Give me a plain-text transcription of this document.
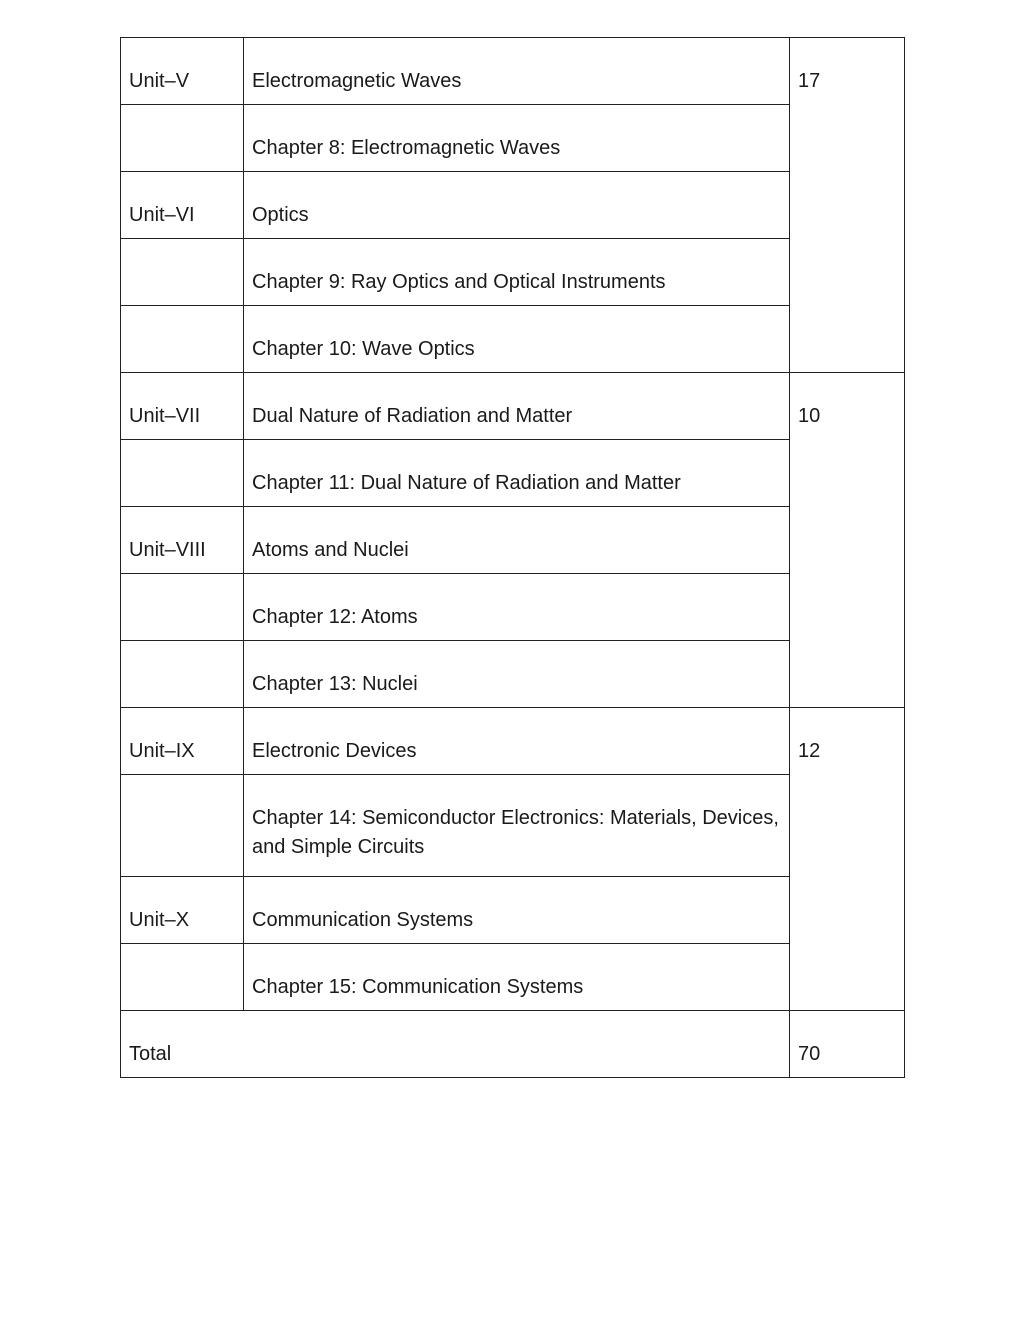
Unit–V	Electromagnetic Waves	17
	Chapter 8: Electromagnetic Waves	
Unit–VI	Optics	
	Chapter 9: Ray Optics and Optical Instruments	
	Chapter 10: Wave Optics	
Unit–VII	Dual Nature of Radiation and Matter	10
	Chapter 11: Dual Nature of Radiation and Matter	
Unit–VIII	Atoms and Nuclei	
	Chapter 12: Atoms	
	Chapter 13: Nuclei	
Unit–IX	Electronic Devices	12
	Chapter 14: Semiconductor Electronics: Materials, Devices, and Simple Circuits	
Unit–X	Communication Systems	
	Chapter 15: Communication Systems	
Total		70
